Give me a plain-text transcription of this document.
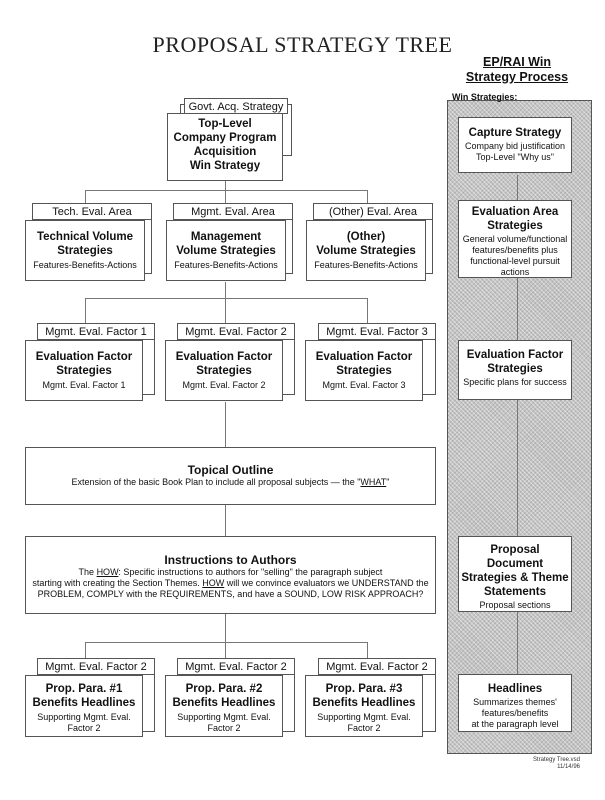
PROPOSAL STRATEGY TREE
EP/RAI Win
Strategy Process
Win Strategies:
Capture Strategy
Company bid justification
Top-Level "Why us"
Evaluation Area
Strategies
General volume/functional
features/benefits plus
functional-level pursuit
actions
Evaluation Factor
Strategies
Specific plans for success
Proposal
Document
Strategies & Theme
Statements
Proposal sections
Headlines
Summarizes themes'
features/benefits
at the paragraph level
Govt. Acq. Strategy
Top-Level
Company Program
Acquisition
Win Strategy
Tech. Eval. Area
Technical Volume
Strategies
Features-Benefits-Actions
Mgmt. Eval. Area
Management
Volume Strategies
Features-Benefits-Actions
(Other) Eval. Area
(Other)
Volume Strategies
Features-Benefits-Actions
Mgmt. Eval. Factor 1
Evaluation Factor
Strategies
Mgmt. Eval. Factor 1
Mgmt. Eval. Factor 2
Evaluation Factor
Strategies
Mgmt. Eval. Factor 2
Mgmt. Eval. Factor 3
Evaluation Factor
Strategies
Mgmt. Eval. Factor 3
Topical Outline
Extension of the basic Book Plan to include all proposal subjects — the "WHAT"
Instructions to Authors
The HOW: Specific instructions to authors for "selling" the paragraph subject
starting with creating the Section Themes. HOW will we convince evaluators we UNDERSTAND the
PROBLEM, COMPLY with the REQUIREMENTS, and have a SOUND, LOW RISK APPROACH?
Mgmt. Eval. Factor 2
Prop. Para. #1
Benefits Headlines
Supporting Mgmt. Eval.
Factor 2
Mgmt. Eval. Factor 2
Prop. Para. #2
Benefits Headlines
Supporting Mgmt. Eval.
Factor 2
Mgmt. Eval. Factor 2
Prop. Para. #3
Benefits Headlines
Supporting Mgmt. Eval.
Factor 2
Strategy Tree.vsd
11/14/96
